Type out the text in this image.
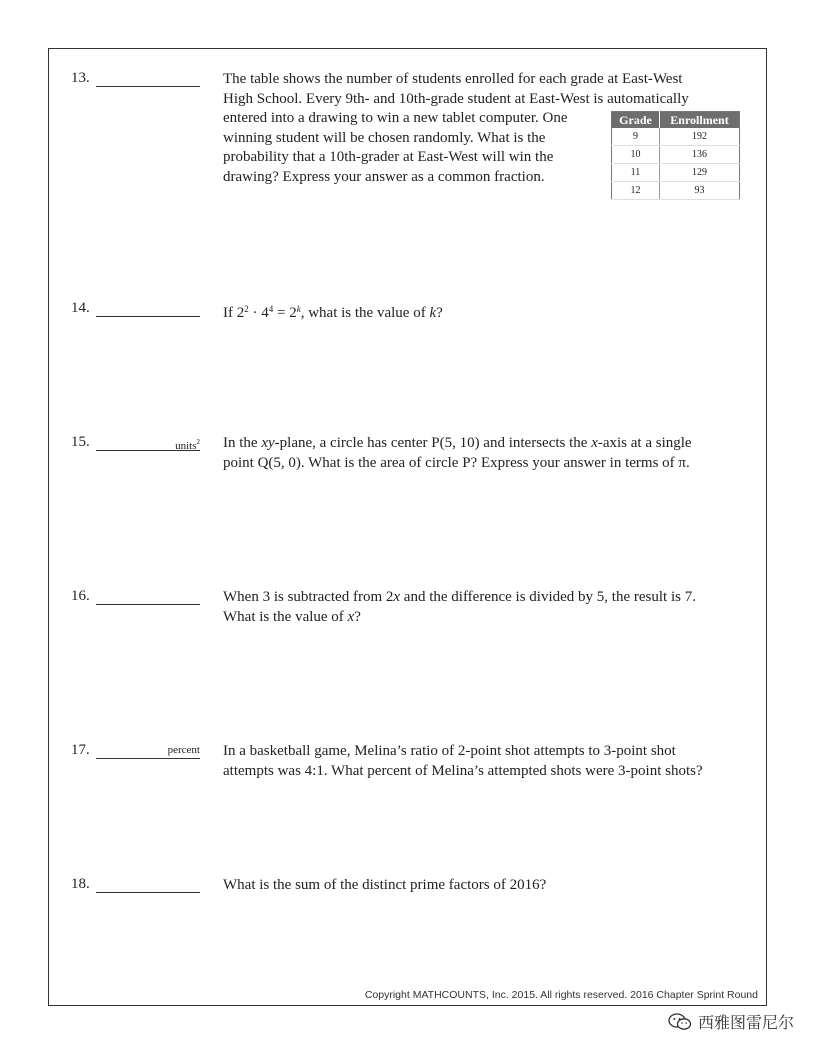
13.	The table shows the number of students enrolled for each grade at East-West
High School. Every 9th- and 10th-grade student at East-West is automatically
entered into a drawing to win a new tablet computer. One
winning student will be chosen randomly. What is the
probability that a 10th-grader at East-West will win the
drawing? Express your answer as a common fraction.
Grade	Enrollment
9	192
10	136
11	129
12	93
14.	If $2^2 \cdot 4^4 = 2^k$, what is the value of k?
15.	units$^2$ In the xy-plane, a circle has center P(5, 10) and intersects the x-axis at a single
point Q(5, 0). What is the area of circle P? Express your answer in terms of π.
16.	When 3 is subtracted from 2x and the difference is divided by 5, the result is 7.
What is the value of x?
17.	percent In a basketball game, Melina’s ratio of 2-point shot attempts to 3-point shot
attempts was 4:1. What percent of Melina’s attempted shots were 3-point shots?
18.	What is the sum of the distinct prime factors of 2016?
Copyright MATHCOUNTS, Inc. 2015. All rights reserved. 2016 Chapter Sprint Round
西雅图雷尼尔
